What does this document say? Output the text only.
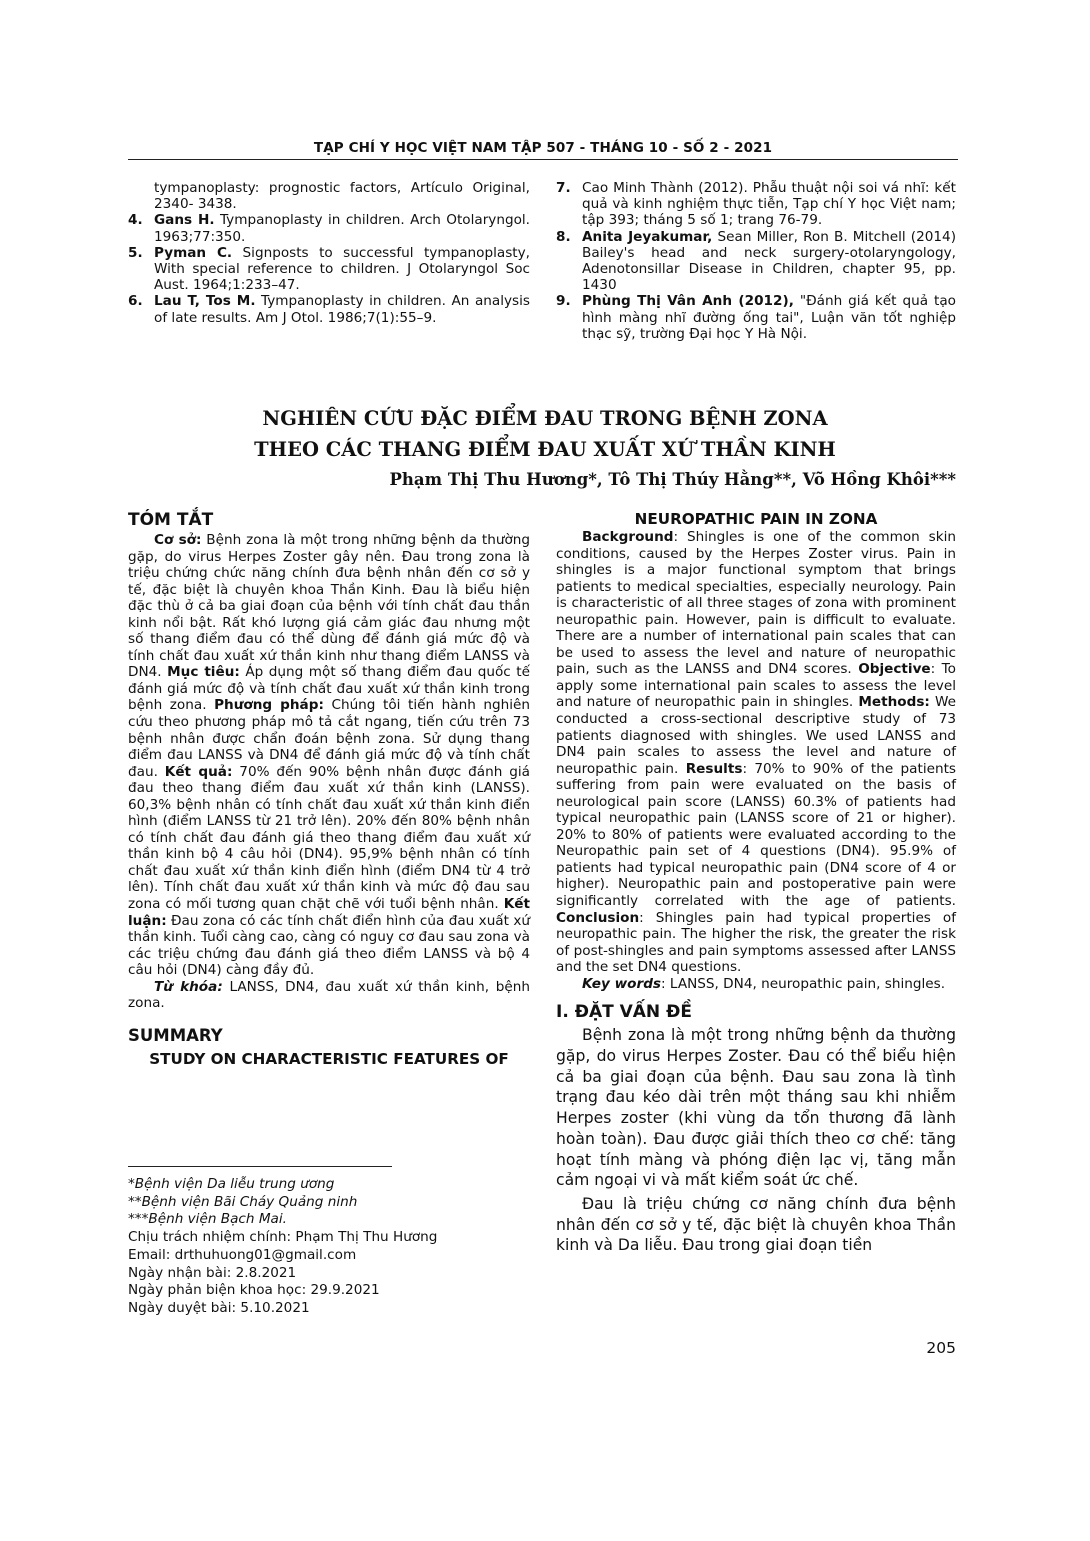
TẠP CHÍ Y HỌC VIỆT NAM TẬP 507 - THÁNG 10 - SỐ 2 - 2021
tympanoplasty: prognostic factors, Artículo Original, 2340- 3438.
4. Gans H. Tympanoplasty in children. Arch Otolaryngol. 1963;77:350.
5. Pyman C. Signposts to successful tympanoplasty, With special reference to children. J Otolaryngol Soc Aust. 1964;1:233–47.
6. Lau T, Tos M. Tympanoplasty in children. An analysis of late results. Am J Otol. 1986;7(1):55–9.
7. Cao Minh Thành (2012). Phẫu thuật nội soi vá nhĩ: kết quả và kinh nghiệm thực tiễn, Tạp chí Y học Việt nam; tập 393; tháng 5 số 1; trang 76-79.
8. Anita Jeyakumar, Sean Miller, Ron B. Mitchell (2014) Bailey's head and neck surgery-otolaryngology, Adenotonsillar Disease in Children, chapter 95, pp. 1430
9. Phùng Thị Vân Anh (2012), "Đánh giá kết quả tạo hình màng nhĩ đường ống tai", Luận văn tốt nghiệp thạc sỹ, trường Đại học Y Hà Nội.
NGHIÊN CỨU ĐẶC ĐIỂM ĐAU TRONG BỆNH ZONA
THEO CÁC THANG ĐIỂM ĐAU XUẤT XỨ THẦN KINH
Phạm Thị Thu Hương*, Tô Thị Thúy Hằng**, Võ Hồng Khôi***
TÓM TẮT
Cơ sở: Bệnh zona là một trong những bệnh da thường gặp, do virus Herpes Zoster gây nên. Đau trong zona là triệu chứng chức năng chính đưa bệnh nhân đến cơ sở y tế, đặc biệt là chuyên khoa Thần Kinh. Đau là biểu hiện đặc thù ở cả ba giai đoạn của bệnh với tính chất đau thần kinh nổi bật. Rất khó lượng giá cảm giác đau nhưng một số thang điểm đau có thể dùng để đánh giá mức độ và tính chất đau xuất xứ thần kinh như thang điểm LANSS và DN4. Mục tiêu: Áp dụng một số thang điểm đau quốc tế đánh giá mức độ và tính chất đau xuất xứ thần kinh trong bệnh zona. Phương pháp: Chúng tôi tiến hành nghiên cứu theo phương pháp mô tả cắt ngang, tiến cứu trên 73 bệnh nhân được chẩn đoán bệnh zona. Sử dụng thang điểm đau LANSS và DN4 để đánh giá mức độ và tính chất đau. Kết quả: 70% đến 90% bệnh nhân được đánh giá đau theo thang điểm đau xuất xứ thần kinh (LANSS). 60,3% bệnh nhân có tính chất đau xuất xứ thần kinh điển hình (điểm LANSS từ 21 trở lên). 20% đến 80% bệnh nhân có tính chất đau đánh giá theo thang điểm đau xuất xứ thần kinh bộ 4 câu hỏi (DN4). 95,9% bệnh nhân có tính chất đau xuất xứ thần kinh điển hình (điểm DN4 từ 4 trở lên). Tính chất đau xuất xứ thần kinh và mức độ đau sau zona có mối tương quan chặt chẽ với tuổi bệnh nhân. Kết luận: Đau zona có các tính chất điển hình của đau xuất xứ thần kinh. Tuổi càng cao, càng có nguy cơ đau sau zona và các triệu chứng đau đánh giá theo điểm LANSS và bộ 4 câu hỏi (DN4) càng đầy đủ.
Từ khóa: LANSS, DN4, đau xuất xứ thần kinh, bệnh zona.
SUMMARY
STUDY ON CHARACTERISTIC FEATURES OF
*Bệnh viện Da liễu trung ương
**Bệnh viện Bãi Cháy Quảng ninh
***Bệnh viện Bạch Mai.
Chịu trách nhiệm chính: Phạm Thị Thu Hương
Email: drthuhuong01@gmail.com
Ngày nhận bài: 2.8.2021
Ngày phản biện khoa học: 29.9.2021
Ngày duyệt bài: 5.10.2021
NEUROPATHIC PAIN IN ZONA
Background: Shingles is one of the common skin conditions, caused by the Herpes Zoster virus. Pain in shingles is a major functional symptom that brings patients to medical specialties, especially neurology. Pain is characteristic of all three stages of zona with prominent neuropathic pain. However, pain is difficult to evaluate. There are a number of international pain scales that can be used to assess the level and nature of neuropathic pain, such as the LANSS and DN4 scores. Objective: To apply some international pain scales to assess the level and nature of neuropathic pain in shingles. Methods: We conducted a cross-sectional descriptive study of 73 patients diagnosed with shingles. We used LANSS and DN4 pain scales to assess the level and nature of neuropathic pain. Results: 70% to 90% of the patients suffering from pain were evaluated on the basis of neurological pain score (LANSS) 60.3% of patients had typical neuropathic pain (LANSS score of 21 or higher). 20% to 80% of patients were evaluated according to the Neuropathic pain set of 4 questions (DN4). 95.9% of patients had typical neuropathic pain (DN4 score of 4 or higher). Neuropathic pain and postoperative pain were significantly correlated with the age of patients. Conclusion: Shingles pain had typical properties of neuropathic pain. The higher the risk, the greater the risk of post-shingles and pain symptoms assessed after LANSS and the set DN4 questions.
Key words: LANSS, DN4, neuropathic pain, shingles.
I. ĐẶT VẤN ĐỀ
Bệnh zona là một trong những bệnh da thường gặp, do virus Herpes Zoster. Đau có thể biểu hiện cả ba giai đoạn của bệnh. Đau sau zona là tình trạng đau kéo dài trên một tháng sau khi nhiễm Herpes zoster (khi vùng da tổn thương đã lành hoàn toàn). Đau được giải thích theo cơ chế: tăng hoạt tính màng và phóng điện lạc vị, tăng mẫn cảm ngoại vi và mất kiểm soát ức chế.
Đau là triệu chứng cơ năng chính đưa bệnh nhân đến cơ sở y tế, đặc biệt là chuyên khoa Thần kinh và Da liễu. Đau trong giai đoạn tiền
205
